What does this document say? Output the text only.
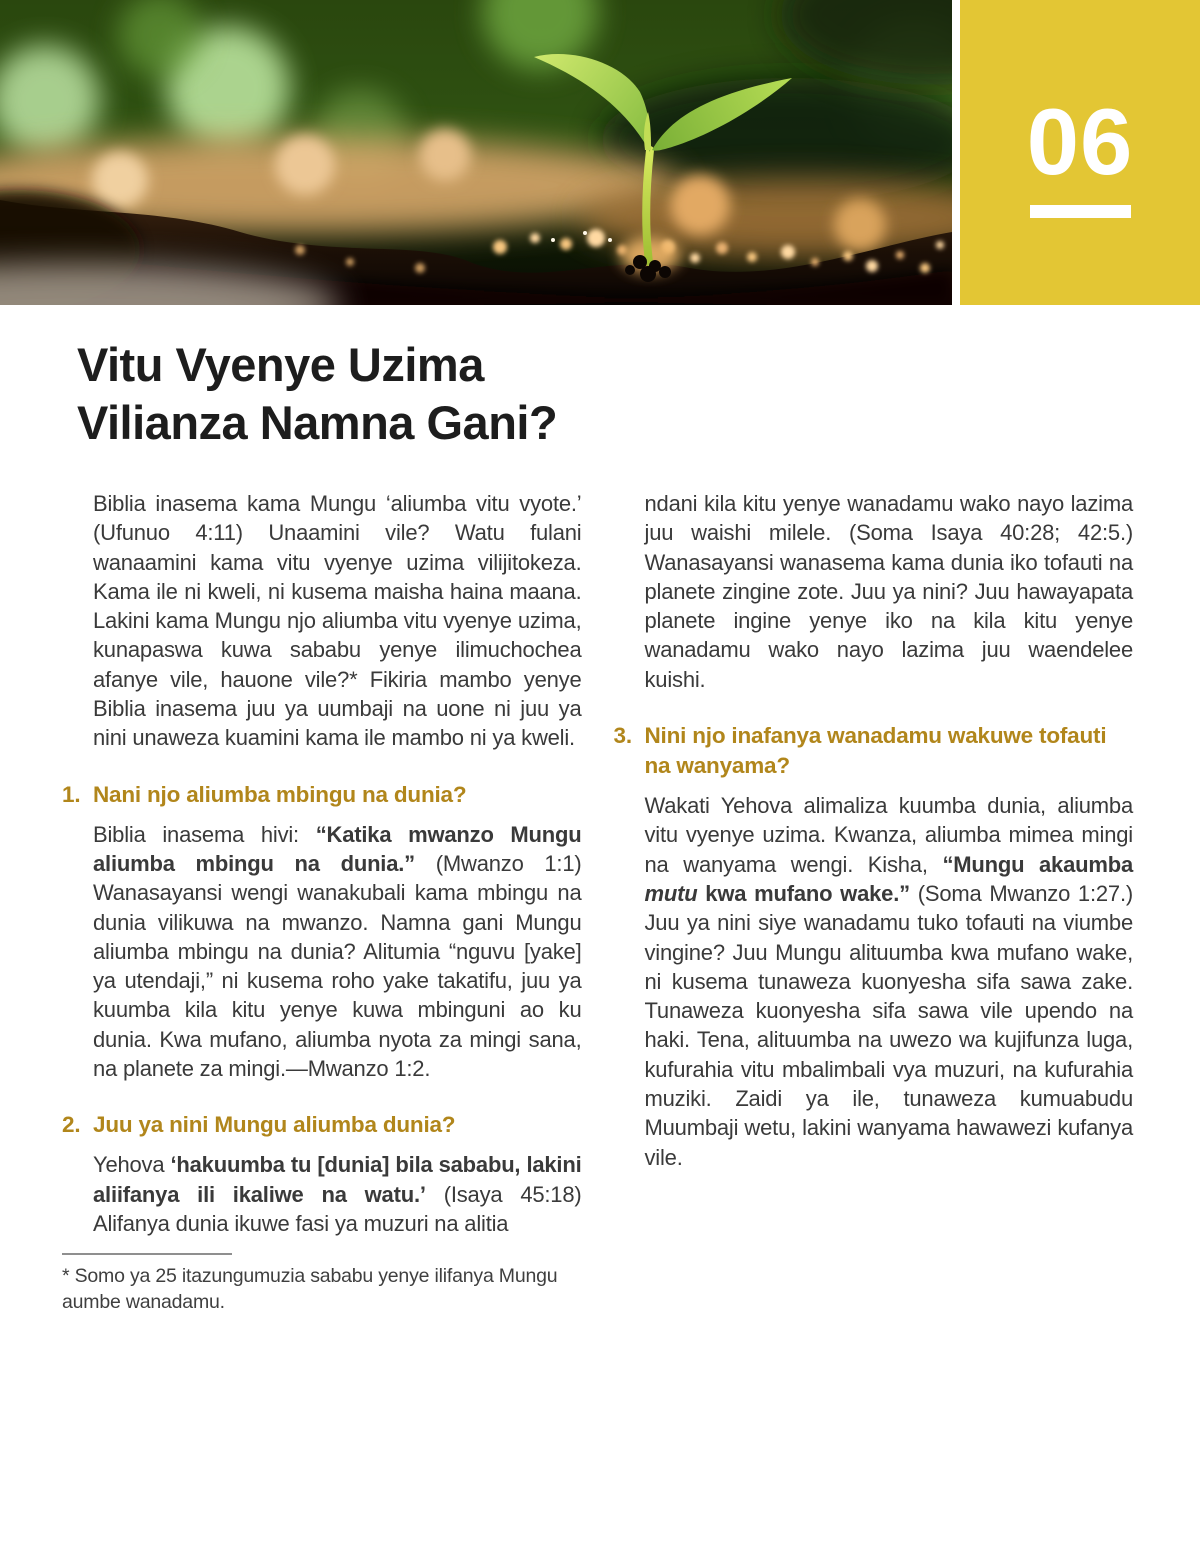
06
Vitu Vyenye Uzima
Vilianza Namna Gani?

Biblia inasema kama Mungu ‘aliumba vitu vyote.’ (Ufunuo 4:11) Unaamini vile? Watu fulani wanaamini kama vitu vyenye uzima vilijitokeza. Kama ile ni kweli, ni kusema maisha haina maana. Lakini kama Mungu njo aliumba vitu vyenye uzima, kunapaswa kuwa sababu yenye ilimuchochea afanye vile, hauone vile?* Fikiria mambo yenye Biblia inasema juu ya uumbaji na uone ni juu ya nini unaweza kuamini kama ile mambo ni ya kweli.

1. Nani njo aliumba mbingu na dunia?

Biblia inasema hivi: “Katika mwanzo Mungu aliumba mbingu na dunia.” (Mwanzo 1:1) Wanasayansi wengi wanakubali kama mbingu na dunia vilikuwa na mwanzo. Namna gani Mungu aliumba mbingu na dunia? Alitumia “nguvu [yake] ya utendaji,” ni kusema roho yake takatifu, juu ya kuumba kila kitu yenye kuwa mbinguni ao ku dunia. Kwa mufano, aliumba nyota za mingi sana, na planete za mingi.—Mwanzo 1:2.

2. Juu ya nini Mungu aliumba dunia?

Yehova ‘hakuumba tu [dunia] bila sababu, lakini aliifanya ili ikaliwe na watu.’ (Isaya 45:18) Alifanya dunia ikuwe fasi ya muzuri na alitia

* Somo ya 25 itazungumuzia sababu yenye ilifanya Mungu aumbe wanadamu.

ndani kila kitu yenye wanadamu wako nayo lazima juu waishi milele. (Soma Isaya 40:28; 42:5.) Wanasayansi wanasema kama dunia iko tofauti na planete zingine zote. Juu ya nini? Juu hawayapata planete ingine yenye iko na kila kitu yenye wanadamu wako nayo lazima juu waendelee kuishi.

3. Nini njo inafanya wanadamu wakuwe tofauti na wanyama?

Wakati Yehova alimaliza kuumba dunia, aliumba vitu vyenye uzima. Kwanza, aliumba mimea mingi na wanyama wengi. Kisha, “Mungu akaumba mutu kwa mufano wake.” (Soma Mwanzo 1:27.) Juu ya nini siye wanadamu tuko tofauti na viumbe vingine? Juu Mungu alituumba kwa mufano wake, ni kusema tunaweza kuonyesha sifa sawa zake. Tunaweza kuonyesha sifa sawa vile upendo na haki. Tena, alituumba na uwezo wa kujifunza luga, kufurahia vitu mbalimbali vya muzuri, na kufurahia muziki. Zaidi ya ile, tunaweza kumuabudu Muumbaji wetu, lakini wanyama hawawezi kufanya vile.
